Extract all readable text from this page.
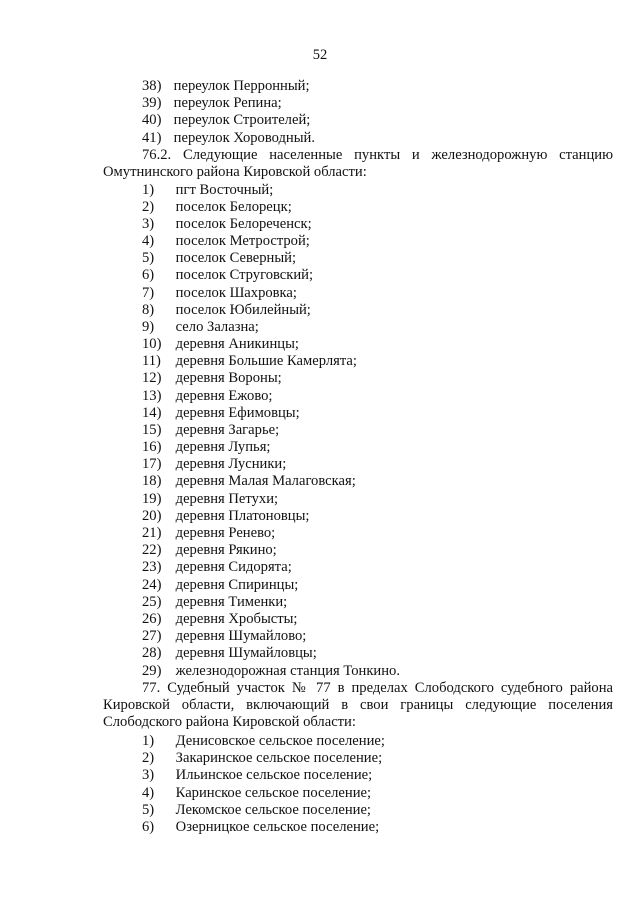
52
38) переулок Перронный;
39) переулок Репина;
40) переулок Строителей;
41) переулок Хороводный.
76.2. Следующие населенные пункты и железнодорожную станцию
Омутнинского района Кировской области:
1) пгт Восточный;
2) поселок Белорецк;
3) поселок Белореченск;
4) поселок Метрострой;
5) поселок Северный;
6) поселок Струговский;
7) поселок Шахровка;
8) поселок Юбилейный;
9) село Залазна;
10) деревня Аникинцы;
11) деревня Большие Камерлята;
12) деревня Вороны;
13) деревня Ежово;
14) деревня Ефимовцы;
15) деревня Загарье;
16) деревня Лупья;
17) деревня Лусники;
18) деревня Малая Малаговская;
19) деревня Петухи;
20) деревня Платоновцы;
21) деревня Ренево;
22) деревня Рякино;
23) деревня Сидорята;
24) деревня Спиринцы;
25) деревня Тименки;
26) деревня Хробысты;
27) деревня Шумайлово;
28) деревня Шумайловцы;
29) железнодорожная станция Тонкино.
77. Судебный участок № 77 в пределах Слободского судебного района
Кировской области, включающий в свои границы следующие поселения
Слободского района Кировской области:
1) Денисовское сельское поселение;
2) Закаринское сельское поселение;
3) Ильинское сельское поселение;
4) Каринское сельское поселение;
5) Лекомское сельское поселение;
6) Озерницкое сельское поселение;
